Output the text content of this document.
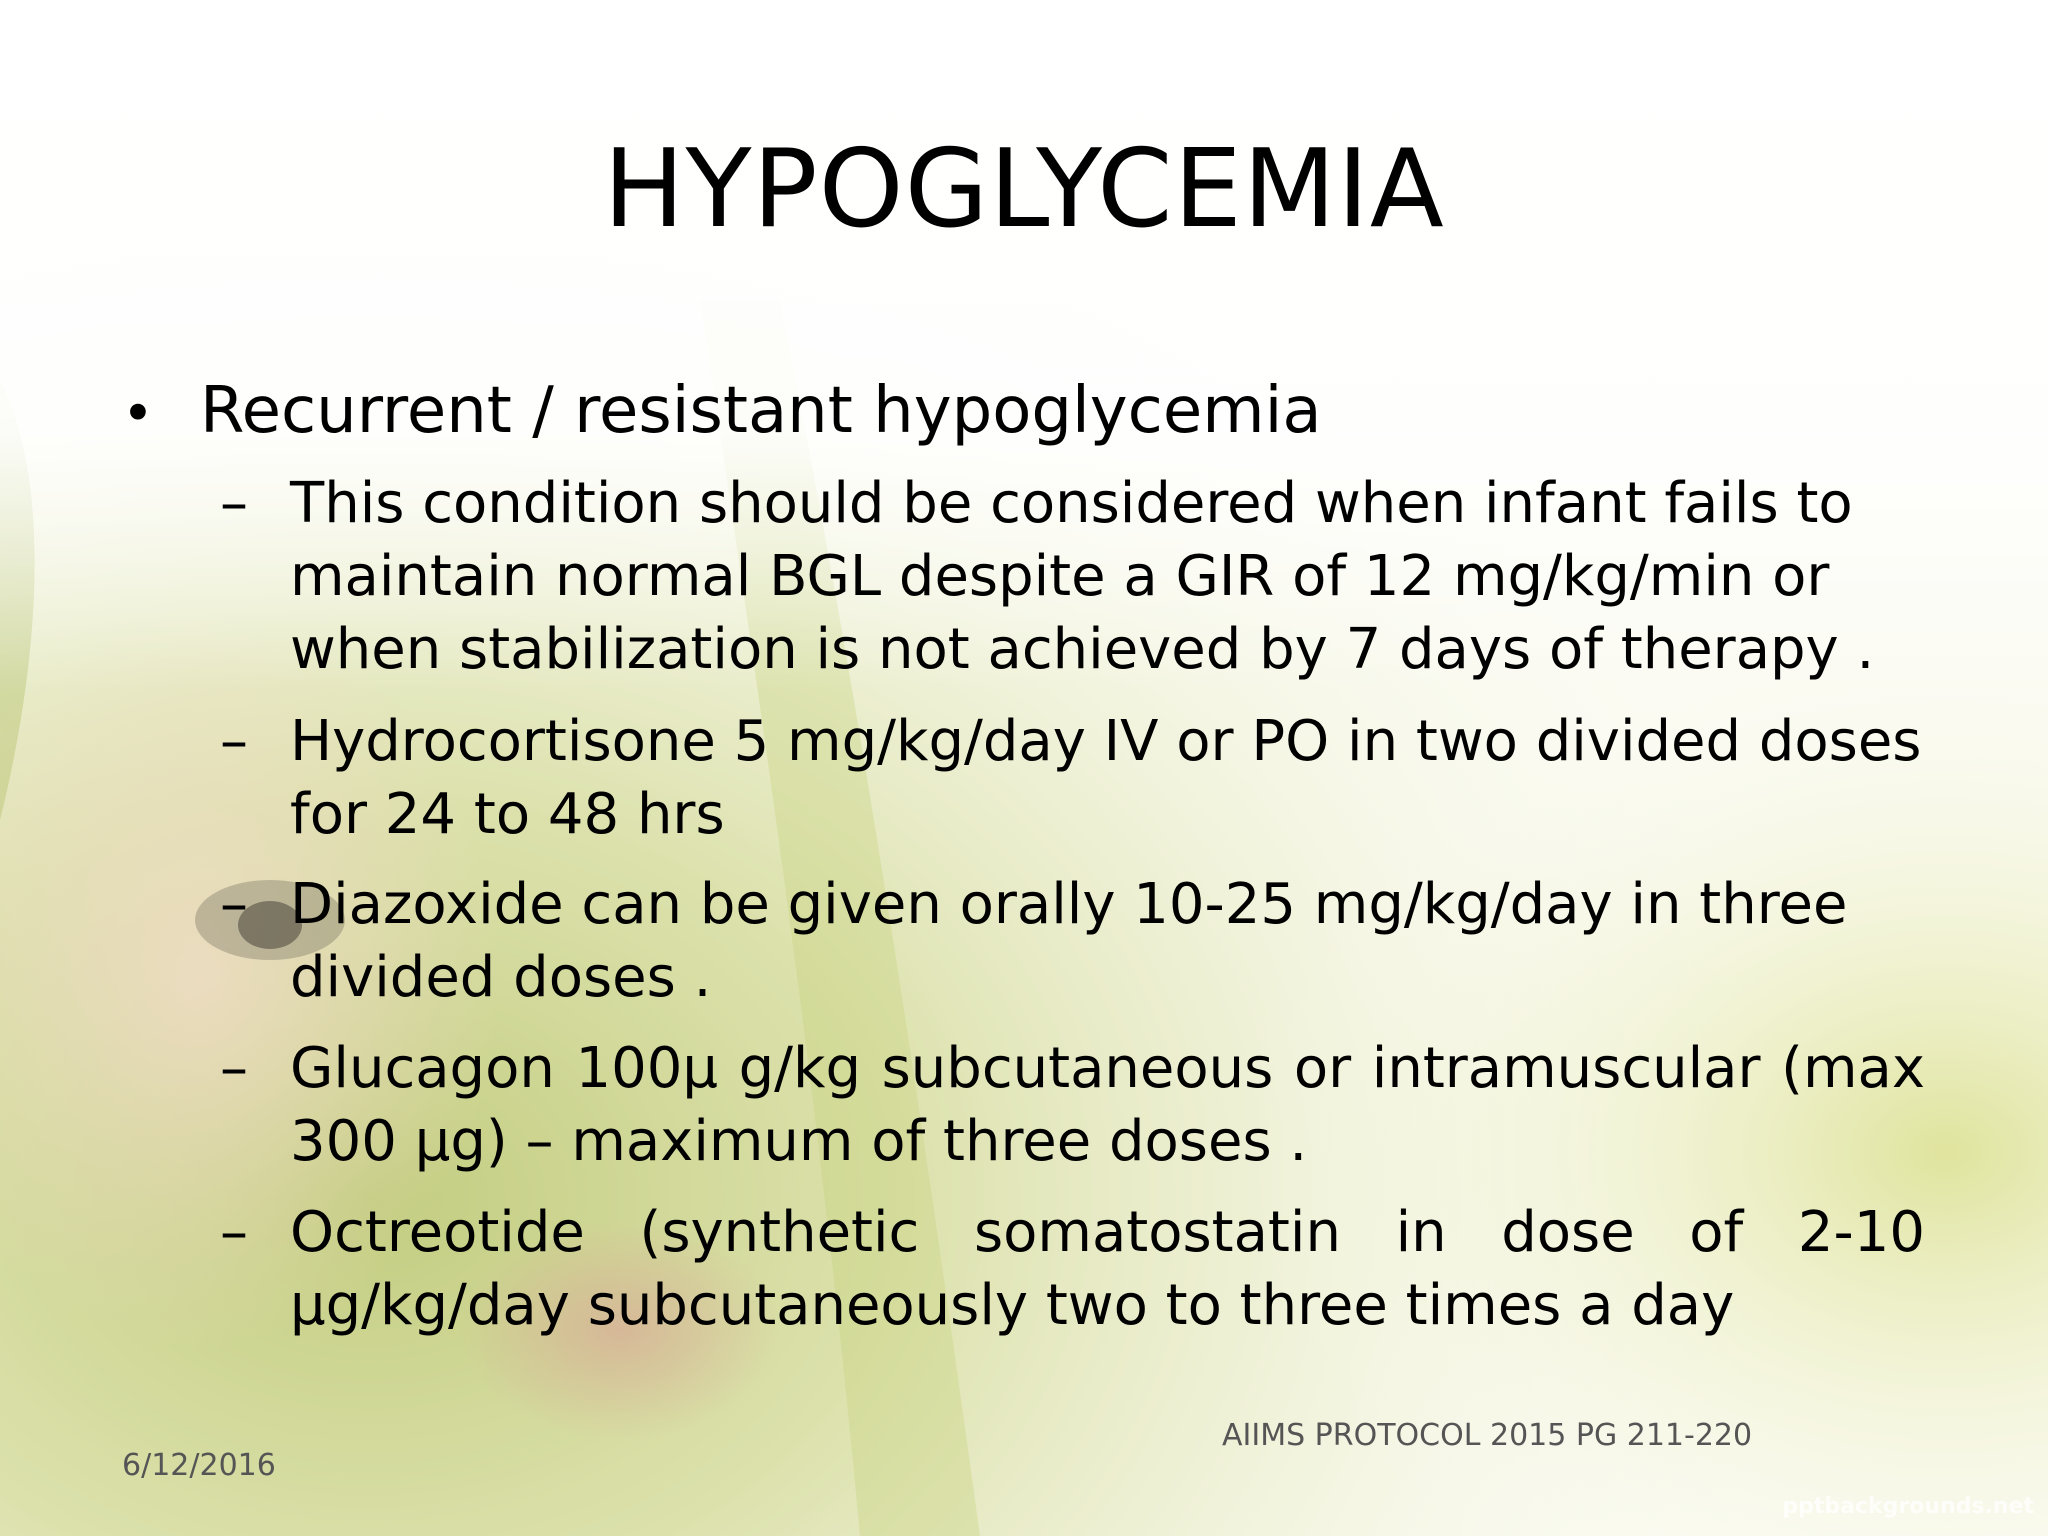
HYPOGLYCEMIA
• Recurrent / resistant hypoglycemia
– This condition should be considered when infant fails to maintain normal BGL despite a GIR of 12 mg/kg/min or when stabilization is not achieved by 7 days of therapy .
– Hydrocortisone 5 mg/kg/day IV or PO in two divided doses for 24 to 48 hrs
– Diazoxide can be given orally 10-25 mg/kg/day in three divided doses .
– Glucagon 100μ g/kg subcutaneous or intramuscular (max 300 μg) – maximum of three doses .
– Octreotide (synthetic somatostatin in dose of 2-10 μg/kg/day subcutaneously two to three times a day
AIIMS PROTOCOL 2015 PG 211-220
6/12/2016
pptbackgrounds.net
